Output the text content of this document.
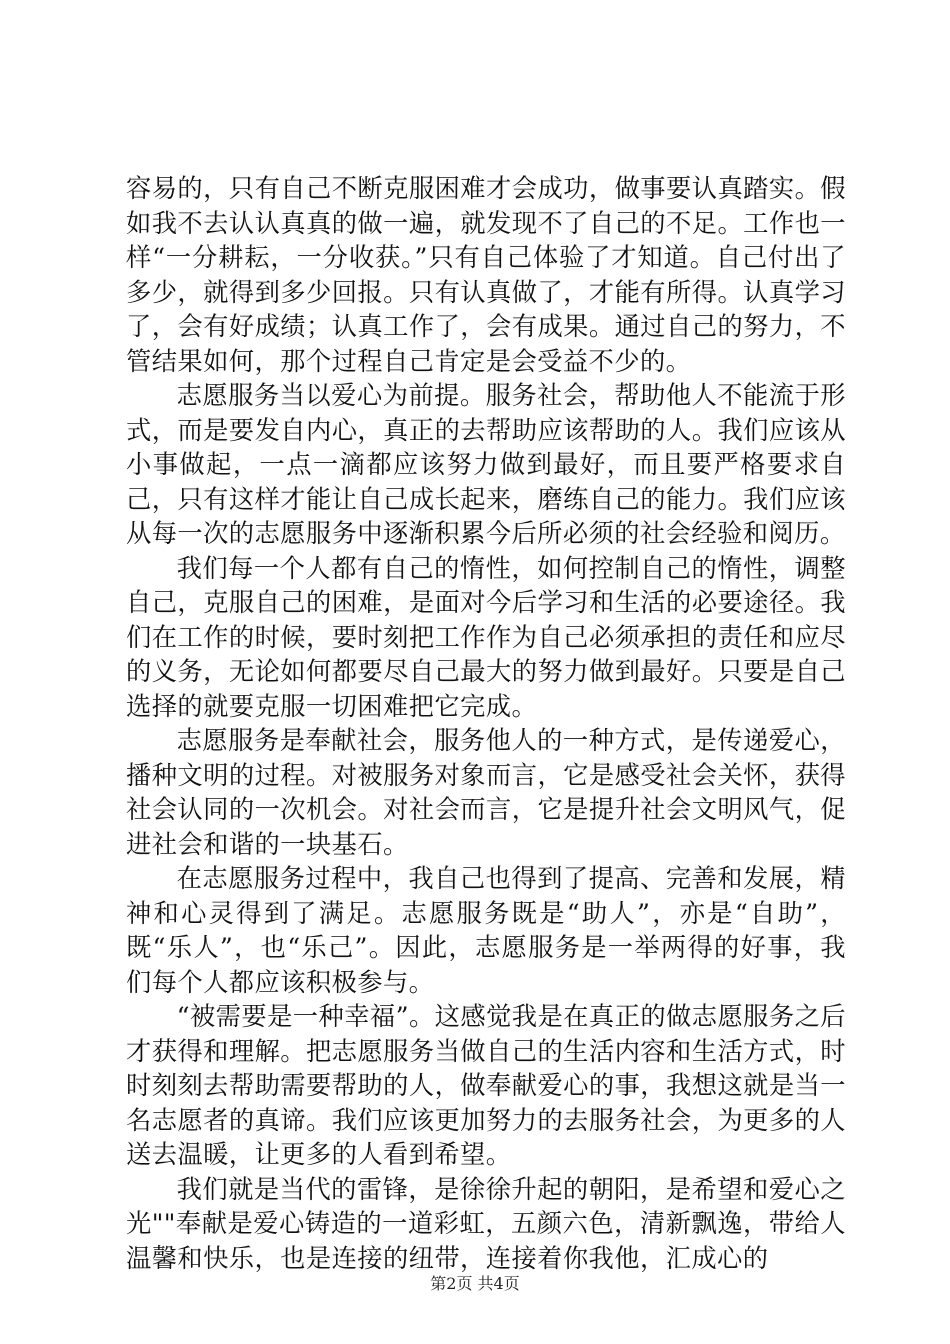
容易的，只有自己不断克服困难才会成功，做事要认真踏实。假如我不去认认真真的做一遍，就发现不了自己的不足。工作也一样“一分耕耘，一分收获。”只有自己体验了才知道。自己付出了多少，就得到多少回报。只有认真做了，才能有所得。认真学习了，会有好成绩；认真工作了，会有成果。通过自己的努力，不管结果如何，那个过程自己肯定是会受益不少的。

志愿服务当以爱心为前提。服务社会，帮助他人不能流于形式，而是要发自内心，真正的去帮助应该帮助的人。我们应该从小事做起，一点一滴都应该努力做到最好，而且要严格要求自己，只有这样才能让自己成长起来，磨练自己的能力。我们应该从每一次的志愿服务中逐渐积累今后所必须的社会经验和阅历。

我们每一个人都有自己的惰性，如何控制自己的惰性，调整自己，克服自己的困难，是面对今后学习和生活的必要途径。我们在工作的时候，要时刻把工作作为自己必须承担的责任和应尽的义务，无论如何都要尽自己最大的努力做到最好。只要是自己选择的就要克服一切困难把它完成。

志愿服务是奉献社会，服务他人的一种方式，是传递爱心，播种文明的过程。对被服务对象而言，它是感受社会关怀，获得社会认同的一次机会。对社会而言，它是提升社会文明风气，促进社会和谐的一块基石。

在志愿服务过程中，我自己也得到了提高、完善和发展，精神和心灵得到了满足。志愿服务既是“助人”，亦是“自助”，既“乐人”，也“乐己”。因此，志愿服务是一举两得的好事，我们每个人都应该积极参与。

“被需要是一种幸福”。这感觉我是在真正的做志愿服务之后才获得和理解。把志愿服务当做自己的生活内容和生活方式，时时刻刻去帮助需要帮助的人，做奉献爱心的事，我想这就是当一名志愿者的真谛。我们应该更加努力的去服务社会，为更多的人送去温暖，让更多的人看到希望。

我们就是当代的雷锋，是徐徐升起的朝阳，是希望和爱心之光""奉献是爱心铸造的一道彩虹，五颜六色，清新飘逸，带给人温馨和快乐，也是连接的纽带，连接着你我他，汇成心的

第2页 共4页
